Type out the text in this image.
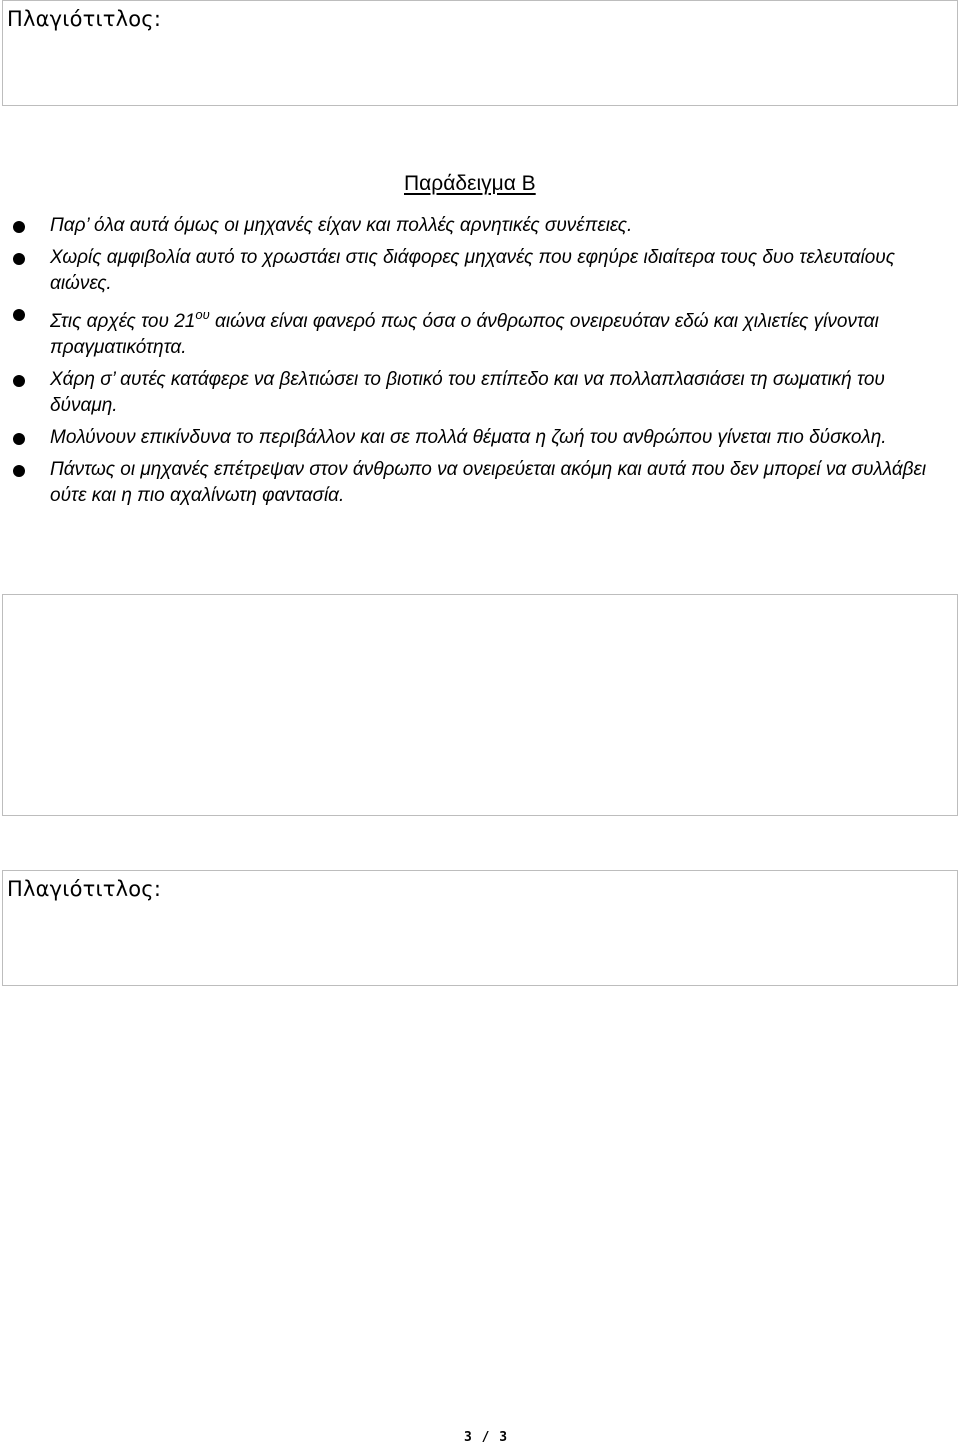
Πλαγιότιτλος:
Παράδειγμα Β
Παρ’ όλα αυτά όμως οι μηχανές είχαν και πολλές αρνητικές συνέπειες.
Χωρίς αμφιβολία αυτό το χρωστάει στις διάφορες μηχανές που εφηύρε ιδιαίτερα τους δυο τελευταίους αιώνες.
Στις αρχές του $21^{o\upsilon}$ αιώνα είναι φανερό πως όσα ο άνθρωπος ονειρευόταν εδώ και χιλιετίες γίνονται πραγματικότητα.
Χάρη σ’ αυτές κατάφερε να βελτιώσει το βιοτικό του επίπεδο και να πολλαπλασιάσει τη σωματική του δύναμη.
Μολύνουν επικίνδυνα το περιβάλλον και σε πολλά θέματα η ζωή του ανθρώπου γίνεται πιο δύσκολη.
Πάντως οι μηχανές επέτρεψαν στον άνθρωπο να ονειρεύεται ακόμη και αυτά που δεν μπορεί να συλλάβει ούτε και η πιο αχαλίνωτη φαντασία.
Πλαγιότιτλος:
3 / 3
